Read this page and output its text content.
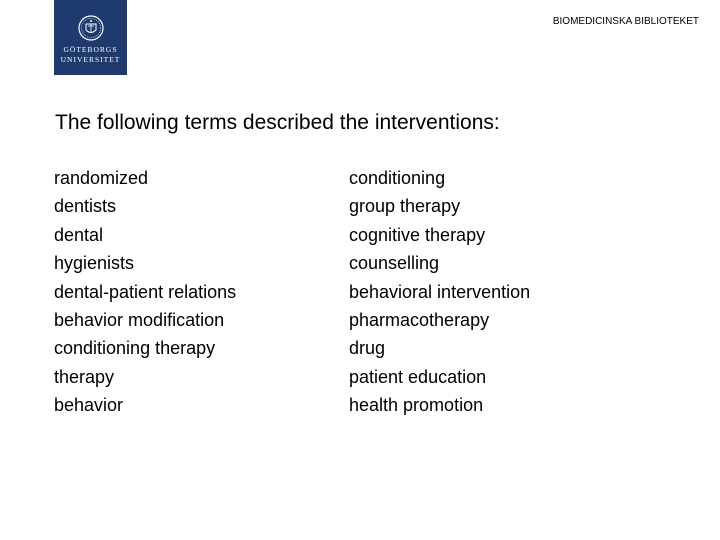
GÖTEBORGS
UNIVERSITET
BIOMEDICINSKA BIBLIOTEKET
The following terms described the interventions:
randomized
dentists
dental
hygienists
dental-patient relations
behavior modification
conditioning therapy
therapy
behavior
conditioning
group therapy
cognitive therapy
counselling
behavioral intervention
pharmacotherapy
drug
patient education
health promotion
